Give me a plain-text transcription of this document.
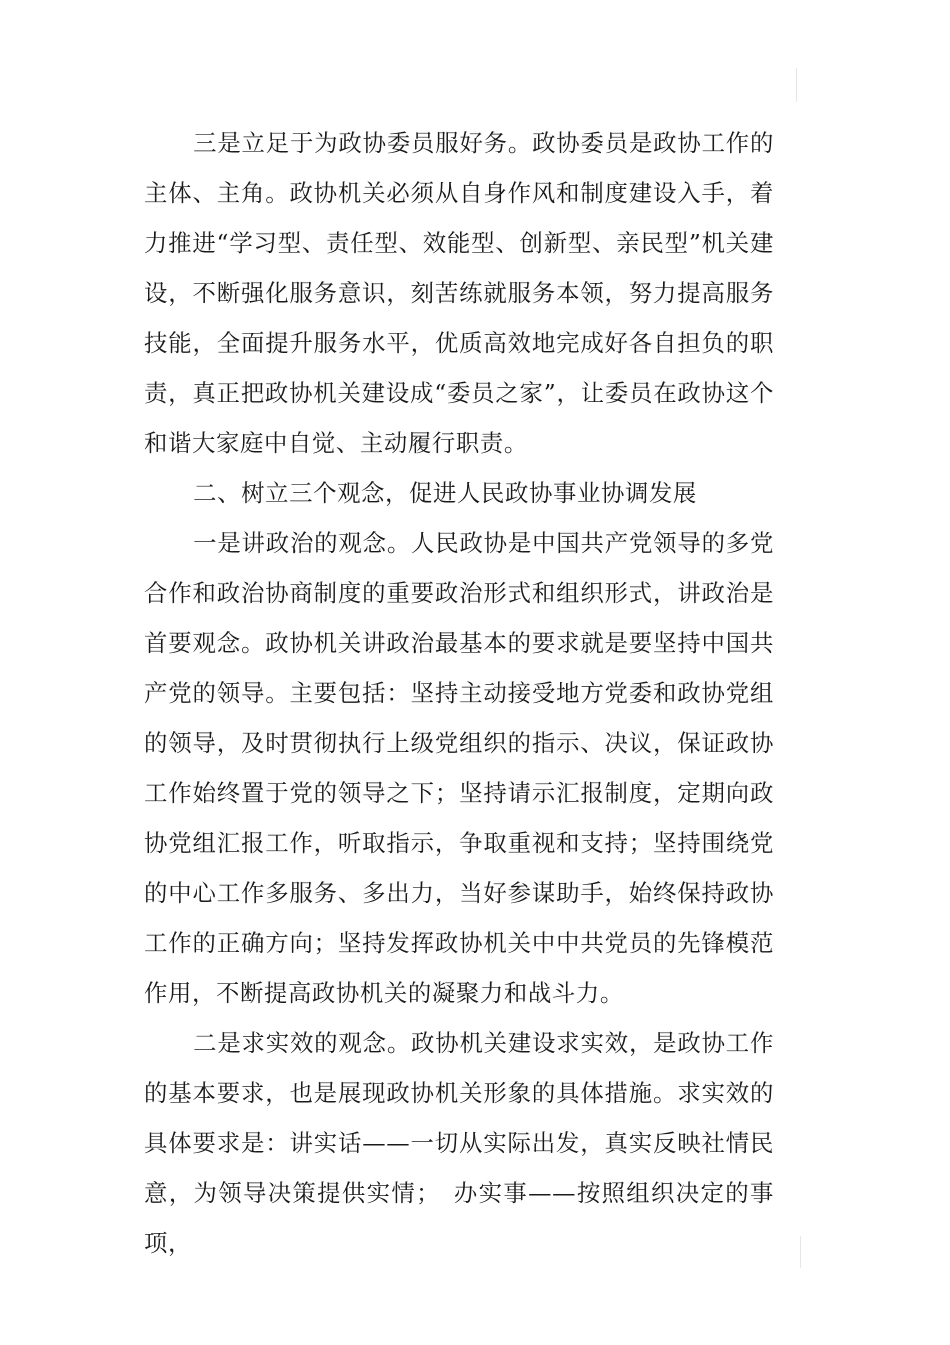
三是立足于为政协委员服好务。政协委员是政协工作的主体、主角。政协机关必须从自身作风和制度建设入手，着力推进“学习型、责任型、效能型、创新型、亲民型”机关建设，不断强化服务意识，刻苦练就服务本领，努力提高服务技能，全面提升服务水平，优质高效地完成好各自担负的职责，真正把政协机关建设成“委员之家”，让委员在政协这个和谐大家庭中自觉、主动履行职责。

二、树立三个观念，促进人民政协事业协调发展

一是讲政治的观念。人民政协是中国共产党领导的多党合作和政治协商制度的重要政治形式和组织形式，讲政治是首要观念。政协机关讲政治最基本的要求就是要坚持中国共产党的领导。主要包括：坚持主动接受地方党委和政协党组的领导，及时贯彻执行上级党组织的指示、决议，保证政协工作始终置于党的领导之下；坚持请示汇报制度，定期向政协党组汇报工作，听取指示，争取重视和支持；坚持围绕党的中心工作多服务、多出力，当好参谋助手，始终保持政协工作的正确方向；坚持发挥政协机关中中共党员的先锋模范作用，不断提高政协机关的凝聚力和战斗力。

二是求实效的观念。政协机关建设求实效，是政协工作的基本要求，也是展现政协机关形象的具体措施。求实效的具体要求是：讲实话——一切从实际出发，真实反映社情民意，为领导决策提供实情；　办实事——按照组织决定的事项，
